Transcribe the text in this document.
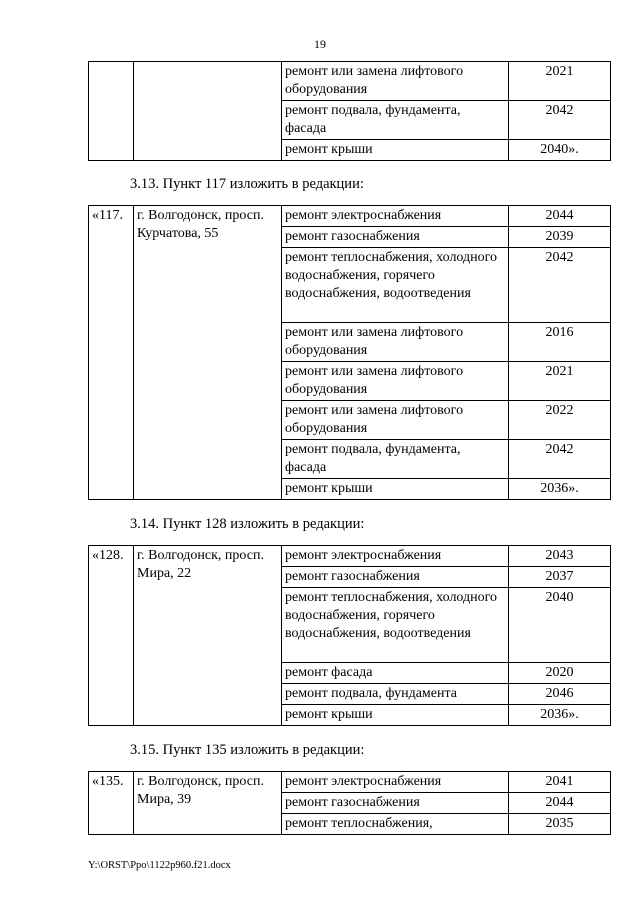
19
		ремонт или замена лифтового оборудования	2021
		ремонт подвала, фундамента, фасада	2042
		ремонт крыши	2040».
3.13. Пункт 117 изложить в редакции:
«117.	г. Волгодонск, просп. Курчатова, 55	ремонт электроснабжения	2044
		ремонт газоснабжения	2039
		ремонт теплоснабжения, холодного водоснабжения, горячего водоснабжения, водоотведения	2042
		ремонт или замена лифтового оборудования	2016
		ремонт или замена лифтового оборудования	2021
		ремонт или замена лифтового оборудования	2022
		ремонт подвала, фундамента, фасада	2042
		ремонт крыши	2036».
3.14. Пункт 128 изложить в редакции:
«128.	г. Волгодонск, просп. Мира, 22	ремонт электроснабжения	2043
		ремонт газоснабжения	2037
		ремонт теплоснабжения, холодного водоснабжения, горячего водоснабжения, водоотведения	2040
		ремонт фасада	2020
		ремонт подвала, фундамента	2046
		ремонт крыши	2036».
3.15. Пункт 135 изложить в редакции:
«135.	г. Волгодонск, просп. Мира, 39	ремонт электроснабжения	2041
		ремонт газоснабжения	2044
		ремонт теплоснабжения,	2035
Y:\ORST\Ppo\1122p960.f21.docx
